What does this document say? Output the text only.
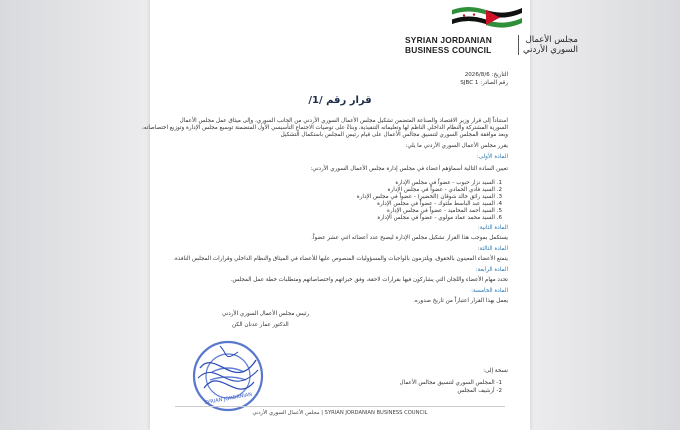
SYRIAN JORDANIAN
BUSINESS COUNCIL
مجلس الأعمال
السوري الأردني
التاريخ: 2026/8/6
رقم الصادر: SJBC 1
قرار رقم /1/
استناداً إلى قرار وزير الاقتصاد والصناعة المتضمن تشكيل مجلس الأعمال السوري الأردني من الجانب السوري، وإلى ميثاق عمل مجلس الأعمال
السورية المشتركة والنظام الداخلي الناظم لها وتعليماته التنفيذية، وبناءً على توصيات الاجتماع التأسيسي الأول المتضمنة توسيع مجلس الإدارة وتوزيع اختصاصاته،
وبعد موافقة المجلس السوري لتنسيق مجالس الأعمال على قيام رئيس المجلس باستكمال التشكيل
يقرر مجلس الأعمال السوري الأردني ما يلي:
المادة الأولى:
تعيين السادة التالية أسماؤهم أعضاء في مجلس إدارة مجلس الأعمال السوري الأردني:
1. السيد نزار حبوب - عضواً في مجلس الإدارة
2. السيد فادي الحمادي - عضواً في مجلس الإدارة
3. السيد رائق خالد شوقان (الخضير) - عضواً في مجلس الإدارة
4. السيد عبد الباسط ملتوك - عضواً في مجلس الإدارة
5. السيد أحمد المحاميد - عضواً في مجلس الإدارة
6. السيد محمد عماد مولوي - عضواً في مجلس الإدارة
المادة الثانية:
يستكمل بموجب هذا القرار تشكيل مجلس الإدارة ليصبح عدد أعضائه اثني عشر عضواً.
المادة الثالثة:
يتمتع الأعضاء المعينون بالحقوق، ويلتزمون بالواجبات والمسؤوليات المنصوص عليها للأعضاء في الميثاق والنظام الداخلي وقرارات المجلس النافذة.
المادة الرابعة:
تحدد مهام الأعضاء واللجان التي يشاركون فيها بقرارات لاحقة، وفق خبراتهم واختصاصاتهم ومتطلبات خطة عمل المجلس.
المادة الخامسة:
يعمل بهذا القرار اعتباراً من تاريخ صدوره.
رئيس مجلس الأعمال السوري الأردني
الدكتور عمار عدنان الكن
SYRIAN JORDANIAN
نسخة إلى:
1- المجلس السوري لتنسيق مجالس الأعمال
2- أرشيف المجلس
مجلس الأعمال السوري الأردني | SYRIAN JORDANIAN BUSINESS COUNCIL
